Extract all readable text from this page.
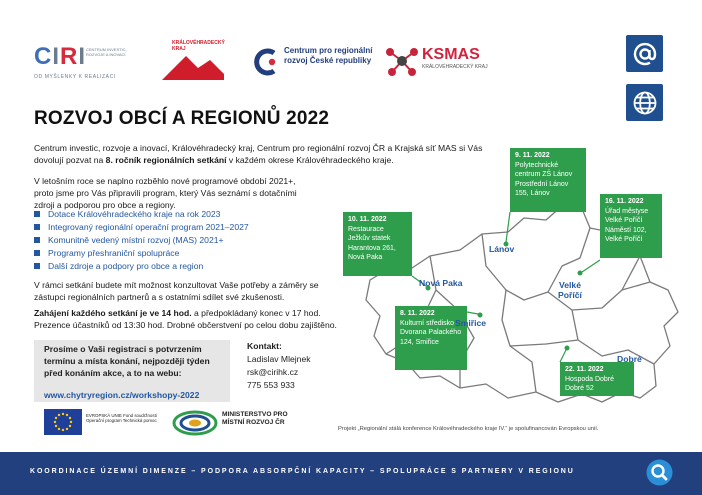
CIRI CENTRUM INVESTIC, ROZVOJE A INOVACÍ
OD MYŠLENKY K REALIZACI
KRÁLOVÉHRADECKÝ KRAJ	Centrum pro regionální rozvoj České republiky	KSMAS
KRÁLOVÉHRADECKÝ KRAJ
ROZVOJ OBCÍ A REGIONŮ 2022
Centrum investic, rozvoje a inovací, Královéhradecký kraj, Centrum pro regionální rozvoj ČR a Krajská síť MAS si Vás dovolují pozvat na 8. ročník regionálních setkání v každém okrese Královéhradeckého kraje.
V letošním roce se naplno rozběhlo nové programové období 2021+, proto jsme pro Vás připravili program, který Vás seznámí s dotačními zdroji a podporou pro obce a regiony.
Dotace Královéhradeckého kraje na rok 2023
Integrovaný regionální operační program 2021–2027
Komunitně vedený místní rozvoj (MAS) 2021+
Programy přeshraniční spolupráce
Další zdroje a podpory pro obce a region
V rámci setkání budete mít možnost konzultovat Vaše potřeby a záměry se zástupci regionálních partnerů a s ostatními sdílet své zkušenosti.
Zahájení každého setkání je ve 14 hod. a předpokládaný konec v 17 hod. Prezence účastníků od 13:30 hod. Drobné občerstvení po celou dobu zajištěno.
Prosíme o Vaši registraci s potvrzením termínu a místa konání, nejpozději týden před konáním akce, a to na webu:
www.chytryregion.cz/workshopy-2022
Kontakt:
Ladislav Mlejnek
rsk@cirihk.cz
775 553 933
9. 11. 2022
Polytechnické centrum ZŠ Lánov Prostřední Lánov 155, Lánov
10. 11. 2022
Restaurace Ježkův statek Harantova 261, Nová Paka
16. 11. 2022
Úřad městyse Velké Poříčí Náměstí 102, Velké Poříčí
8. 11. 2022
Kulturní středisko Dvorana Palackého 124, Smiřice
22. 11. 2022
Hospoda Dobré Dobré 52
Lánov
Nová Paka	Velké Poříčí
Smiřice
Dobré
EVROPSKÁ UNIE Fond soudržnosti Operační program Technická pomoc
MINISTERSTVO PRO MÍSTNÍ ROZVOJ ČR
Projekt „Regionální stálá konference Královéhradeckého kraje IV.“ je spolufinancován Evropskou unií.
KOORDINACE ÚZEMNÍ DIMENZE – PODPORA ABSORPČNÍ KAPACITY – SPOLUPRÁCE S PARTNERY V REGIONU
